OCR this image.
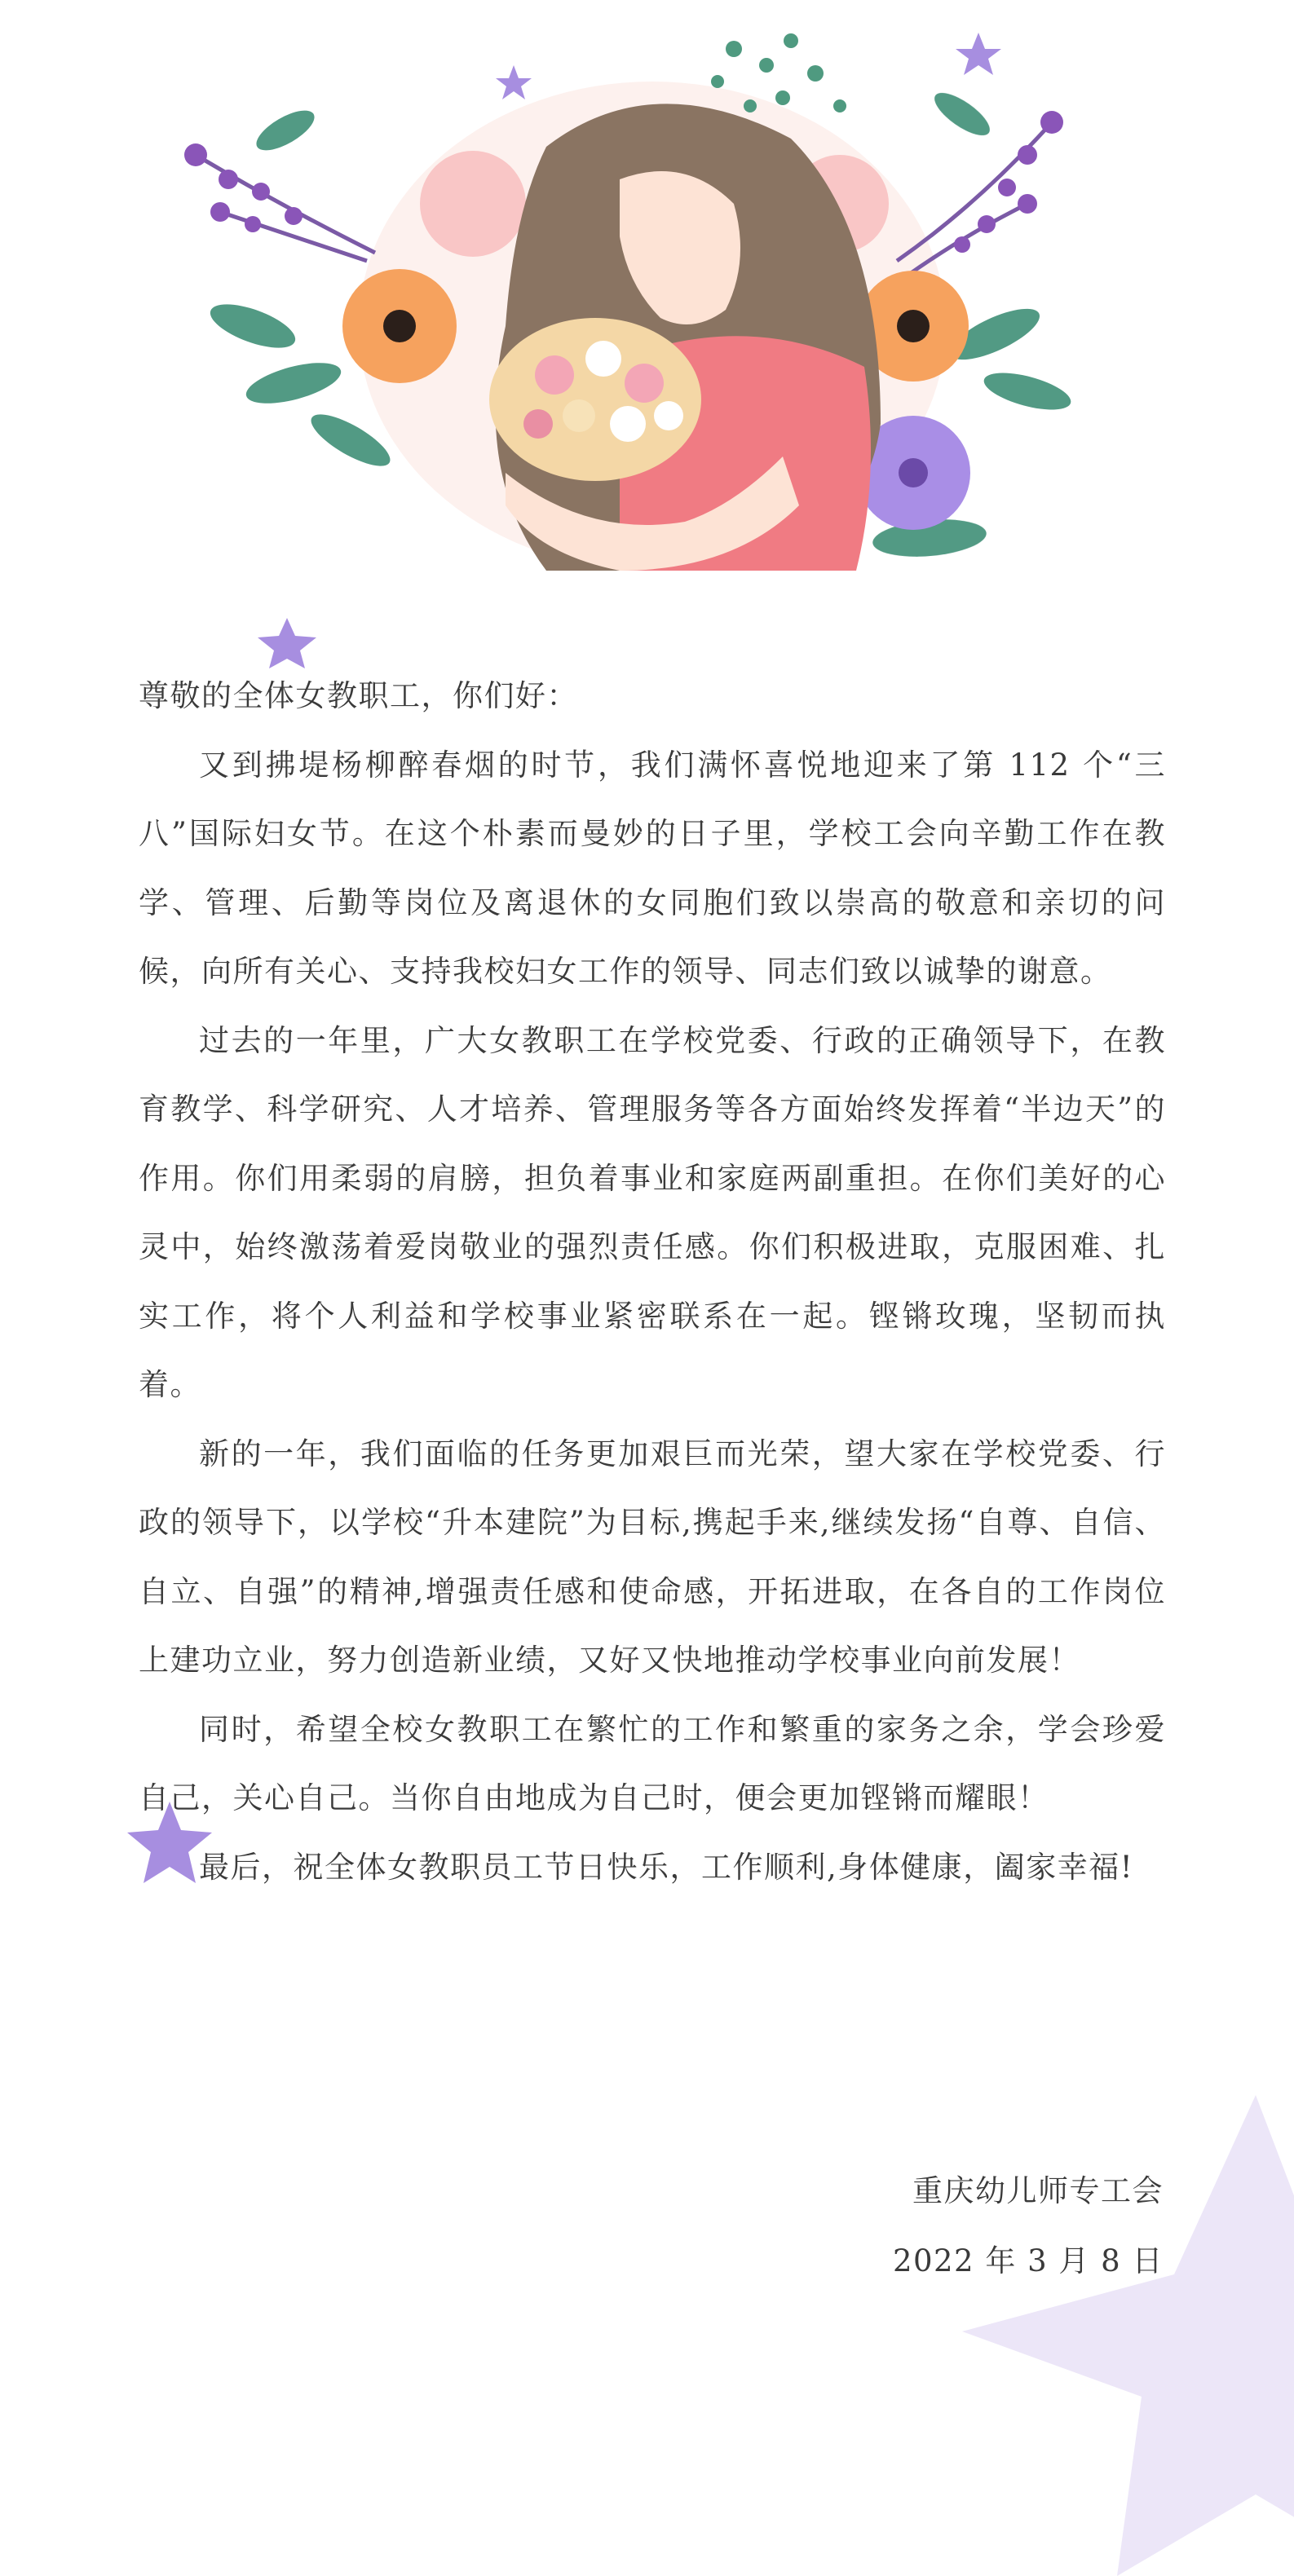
尊敬的全体女教职工，你们好：

又到拂堤杨柳醉春烟的时节，我们满怀喜悦地迎来了第 112 个“三八”国际妇女节。在这个朴素而曼妙的日子里，学校工会向辛勤工作在教学、管理、后勤等岗位及离退休的女同胞们致以崇高的敬意和亲切的问候，向所有关心、支持我校妇女工作的领导、同志们致以诚挚的谢意。

过去的一年里，广大女教职工在学校党委、行政的正确领导下，在教育教学、科学研究、人才培养、管理服务等各方面始终发挥着“半边天”的作用。你们用柔弱的肩膀，担负着事业和家庭两副重担。在你们美好的心灵中，始终激荡着爱岗敬业的强烈责任感。你们积极进取，克服困难、扎实工作，将个人利益和学校事业紧密联系在一起。铿锵玫瑰，坚韧而执着。

新的一年，我们面临的任务更加艰巨而光荣，望大家在学校党委、行政的领导下，以学校“升本建院”为目标,携起手来,继续发扬“自尊、自信、自立、自强”的精神,增强责任感和使命感，开拓进取，在各自的工作岗位上建功立业，努力创造新业绩，又好又快地推动学校事业向前发展！

同时，希望全校女教职工在繁忙的工作和繁重的家务之余，学会珍爱自己，关心自己。当你自由地成为自己时，便会更加铿锵而耀眼！

最后，祝全体女教职员工节日快乐，工作顺利,身体健康，阖家幸福!

重庆幼儿师专工会
2022 年 3 月 8 日
